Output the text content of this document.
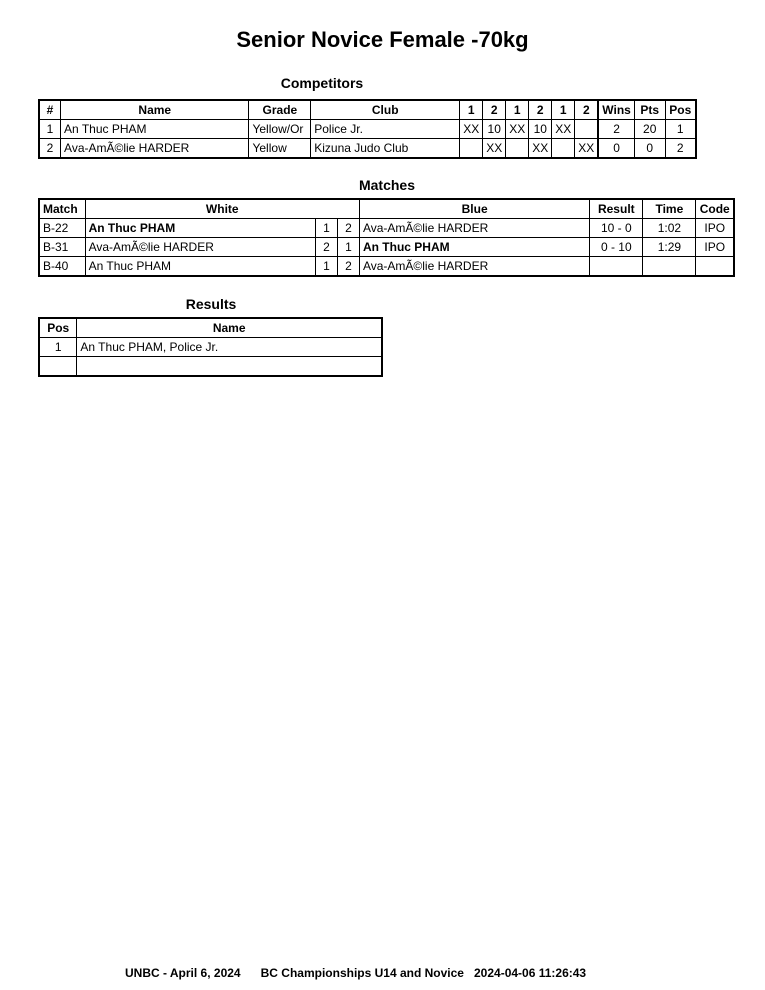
Senior Novice Female -70kg
Competitors
#	Name	Grade	Club	1	2	1	2	1	2	Wins	Pts	Pos
1	An Thuc PHAM	Yellow/Or	Police Jr.	XX	10	XX	10	XX		2	20	1
2	Ava-AmÃ©lie HARDER	Yellow	Kizuna Judo Club		XX		XX		XX	0	0	2
Matches
Match	White			Blue	Result	Time	Code
B-22	An Thuc PHAM	1	2	Ava-AmÃ©lie HARDER	10 - 0	1:02	IPO
B-31	Ava-AmÃ©lie HARDER	2	1	An Thuc PHAM	0 - 10	1:29	IPO
B-40	An Thuc PHAM	1	2	Ava-AmÃ©lie HARDER			
Results
Pos	Name
1	An Thuc PHAM, Police Jr.

UNBC - April 6, 2024 BC Championships U14 and Novice 2024-04-06 11:26:43
